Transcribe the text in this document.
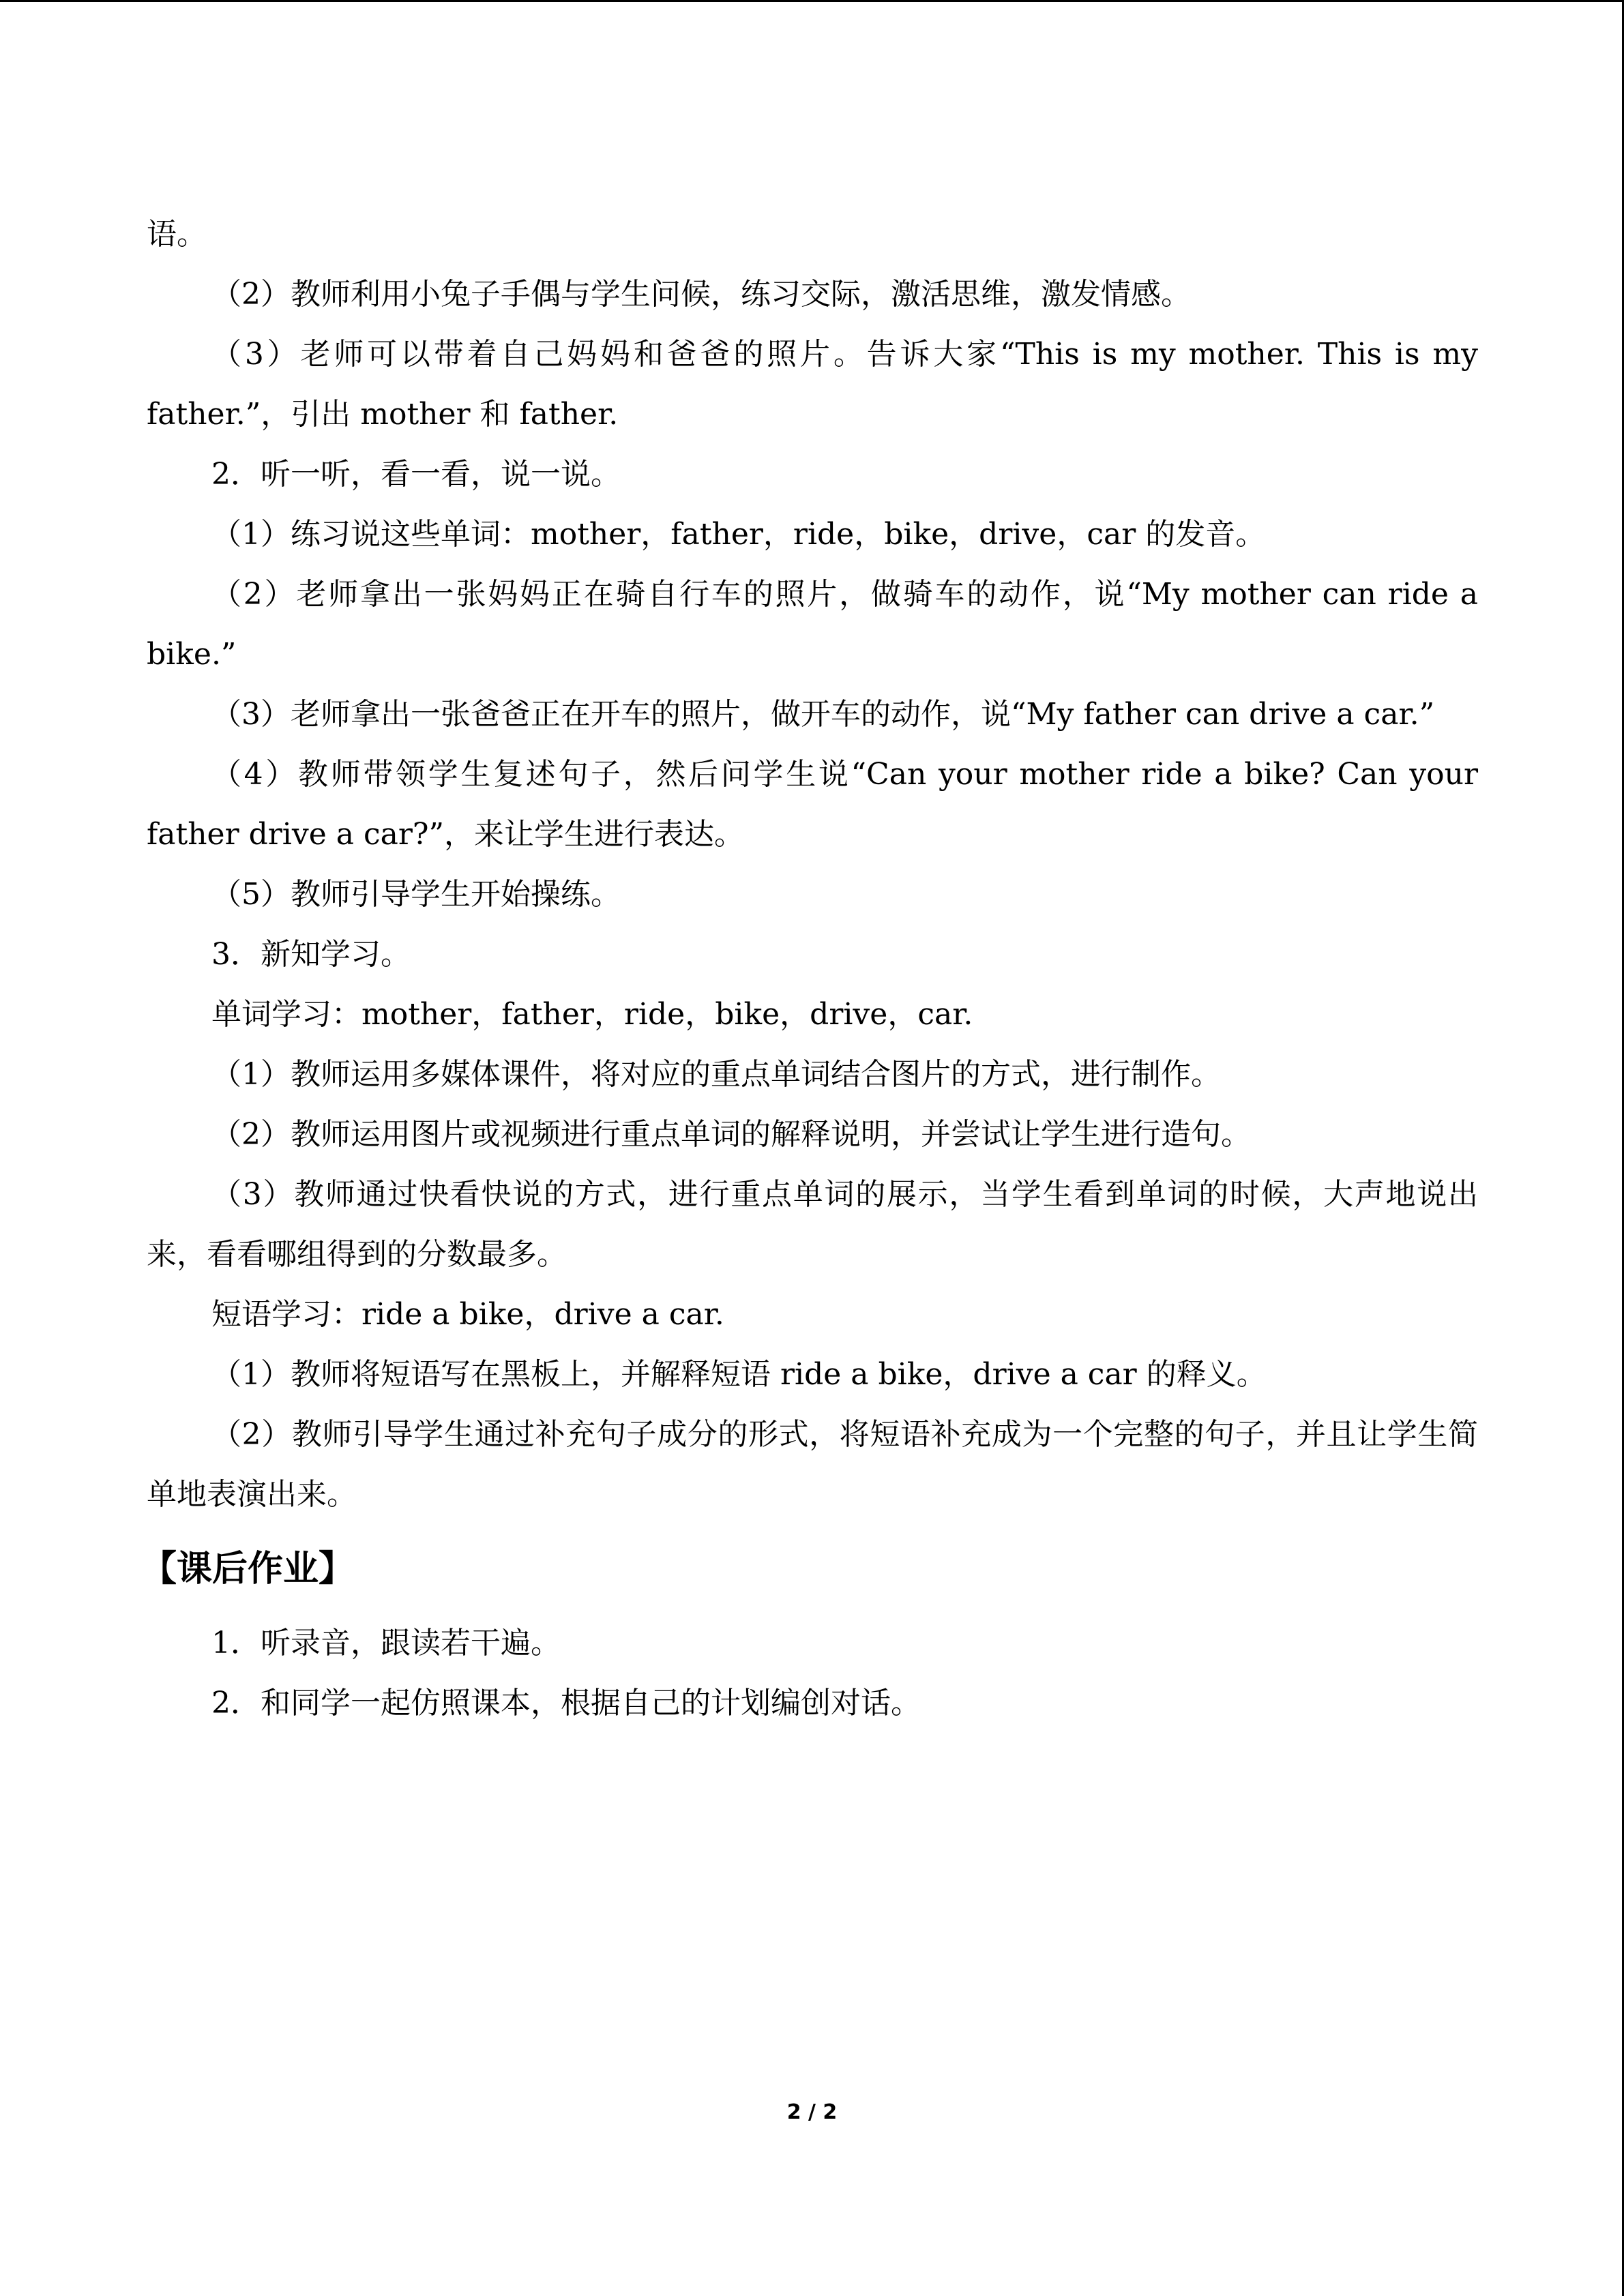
语。

（2）教师利用小兔子手偶与学生问候，练习交际，激活思维，激发情感。

（3）老师可以带着自己妈妈和爸爸的照片。告诉大家“This is my mother. This is my father.”，引出 mother 和 father.

2．听一听，看一看，说一说。

（1）练习说这些单词：mother，father，ride，bike，drive，car 的发音。

（2）老师拿出一张妈妈正在骑自行车的照片，做骑车的动作，说“My mother can ride a bike.”

（3）老师拿出一张爸爸正在开车的照片，做开车的动作，说“My father can drive a car.”

（4）教师带领学生复述句子，然后问学生说“Can your mother ride a bike? Can your father drive a car?”，来让学生进行表达。

（5）教师引导学生开始操练。

3．新知学习。

单词学习：mother，father，ride，bike，drive，car.

（1）教师运用多媒体课件，将对应的重点单词结合图片的方式，进行制作。

（2）教师运用图片或视频进行重点单词的解释说明，并尝试让学生进行造句。

（3）教师通过快看快说的方式，进行重点单词的展示，当学生看到单词的时候，大声地说出来，看看哪组得到的分数最多。

短语学习：ride a bike，drive a car.

（1）教师将短语写在黑板上，并解释短语 ride a bike，drive a car 的释义。

（2）教师引导学生通过补充句子成分的形式，将短语补充成为一个完整的句子，并且让学生简单地表演出来。

【课后作业】

1．听录音，跟读若干遍。

2．和同学一起仿照课本，根据自己的计划编创对话。

2 / 2
